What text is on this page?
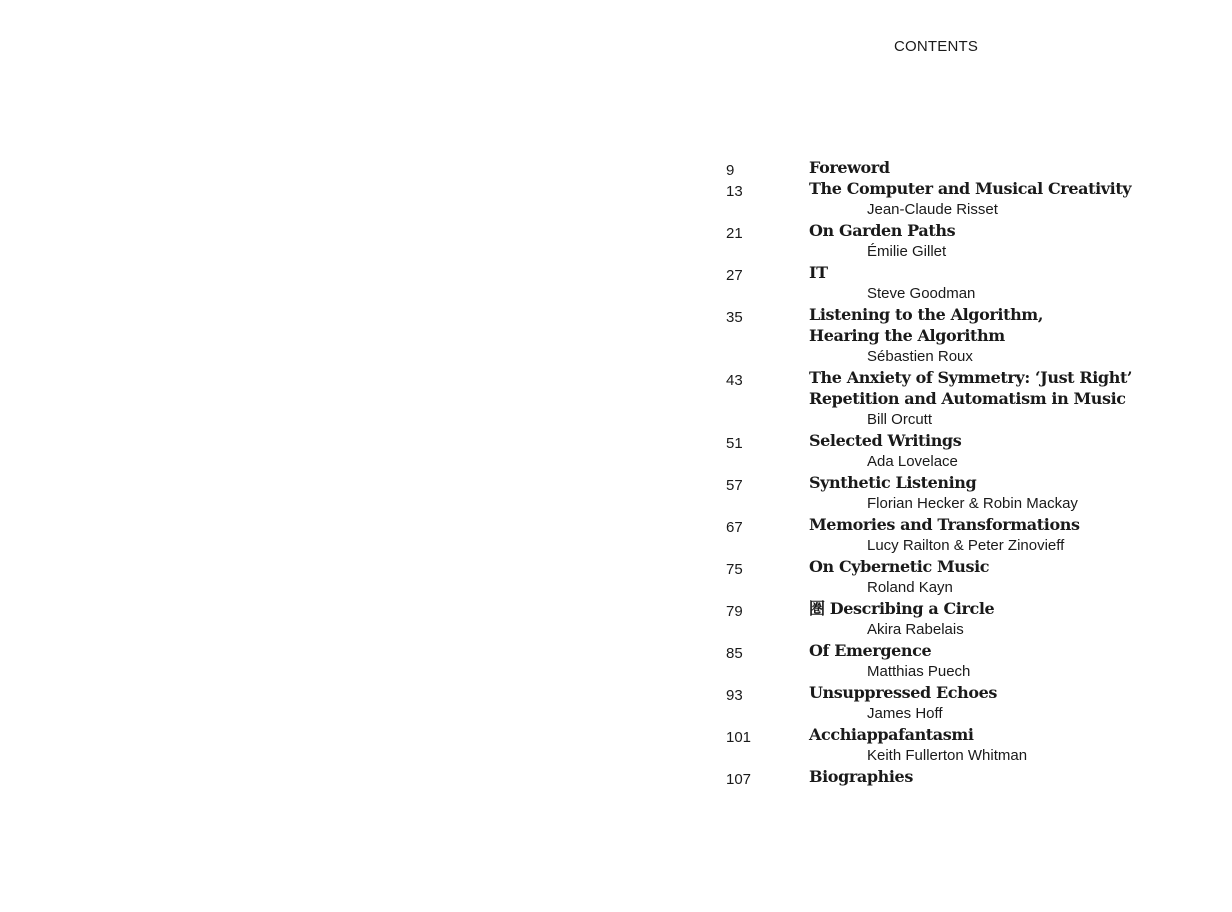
CONTENTS
9	Foreword
13	The Computer and Musical Creativity
Jean-Claude Risset
21	On Garden Paths
Émilie Gillet
27	IT
Steve Goodman
35	Listening to the Algorithm,
Hearing the Algorithm
Sébastien Roux
43	The Anxiety of Symmetry: ‘Just Right’
Repetition and Automatism in Music
Bill Orcutt
51	Selected Writings
Ada Lovelace
57	Synthetic Listening
Florian Hecker & Robin Mackay
67	Memories and Transformations
Lucy Railton & Peter Zinovieff
75	On Cybernetic Music
Roland Kayn
79	圏 Describing a Circle
Akira Rabelais
85	Of Emergence
Matthias Puech
93	Unsuppressed Echoes
James Hoff
101	Acchiappafantasmi
Keith Fullerton Whitman
107	Biographies
